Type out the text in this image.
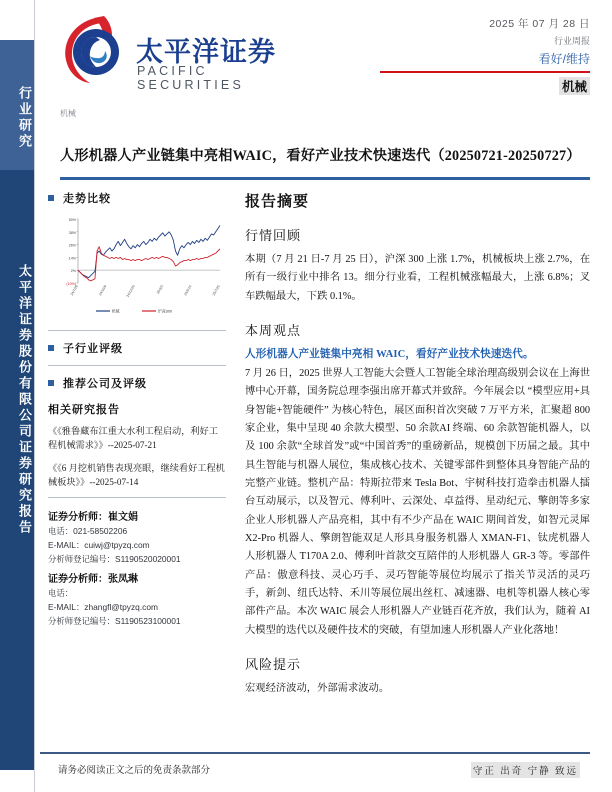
行业研究
太平洋证券股份有限公司证券研究报告
太平洋证券
PACIFIC SECURITIES
2025 年 07 月 28 日
行业周报
看好/维持
机械
机械
人形机器人产业链集中亮相WAIC，看好产业技术快速迭代（20250721-20250727）
走势比较
50%
38%
26%
14%
2%
(10%)
24/7/29	24/10/9	24/12/20	25/3/3	25/5/14	25/7/25
机械	沪深300
子行业评级
推荐公司及评级
相关研究报告

《《雅鲁藏布江重大水利工程启动，利好工程机械需求》》--2025-07-21

《《6 月挖机销售表现亮眼，继续看好工程机械板块》》--2025-07-14

证券分析师：崔文娟
电话：021-58502206
E-MAIL：cuiwj@tpyzq.com
分析师登记编号：S1190520020001
证券分析师：张凤琳
电话：
E-MAIL：zhangfl@tpyzq.com
分析师登记编号：S1190523100001
报告摘要
行情回顾

本期（7 月 21 日-7 月 25 日），沪深 300 上涨 1.7%，机械板块上涨 2.7%，在所有一级行业中排名 13。细分行业看，工程机械涨幅最大，上涨 6.8%；叉车跌幅最大，下跌 0.1%。

本周观点
人形机器人产业链集中亮相 WAIC，看好产业技术快速迭代。

7 月 26 日，2025 世界人工智能大会暨人工智能全球治理高级别会议在上海世博中心开幕，国务院总理李强出席开幕式并致辞。今年展会以 “模型应用+具身智能+智能硬件” 为核心特色，展区面积首次突破 7 万平方米，汇聚超 800 家企业，集中呈现 40 余款大模型、50 余款AI 终端、60 余款智能机器人，以及 100 余款“全球首发”或“中国首秀”的重磅新品，规模创下历届之最。其中具生智能与机器人展位，集成核心技术、关键零部件到整体具身智能产品的完整产业链。整机产品：特斯拉带来 Tesla Bot、宇树科技打造拳击机器人擂台互动展示，以及智元、傅利叶、云深处、卓益得、星动纪元、擎朗等多家企业人形机器人产品亮相，其中有不少产品在 WAIC 期间首发，如智元灵犀 X2-Pro 机器人、擎朗智能双足人形具身服务机器人 XMAN-F1、钛虎机器人人形机器人 T170A 2.0、傅利叶首款交互陪伴的人形机器人 GR-3 等。零部件产品：傲意科技、灵心巧手、灵巧智能等展位均展示了指关节灵活的灵巧手，新剑、纽氏达特、禾川等展位展出丝杠、减速器、电机等机器人核心零部件产品。本次 WAIC 展会人形机器人产业链百花齐放，我们认为，随着 AI 大模型的迭代以及硬件技术的突破，有望加速人形机器人产业化落地！

风险提示

宏观经济波动，外部需求波动。

请务必阅读正文之后的免责条款部分	守正 出奇 宁静 致远
